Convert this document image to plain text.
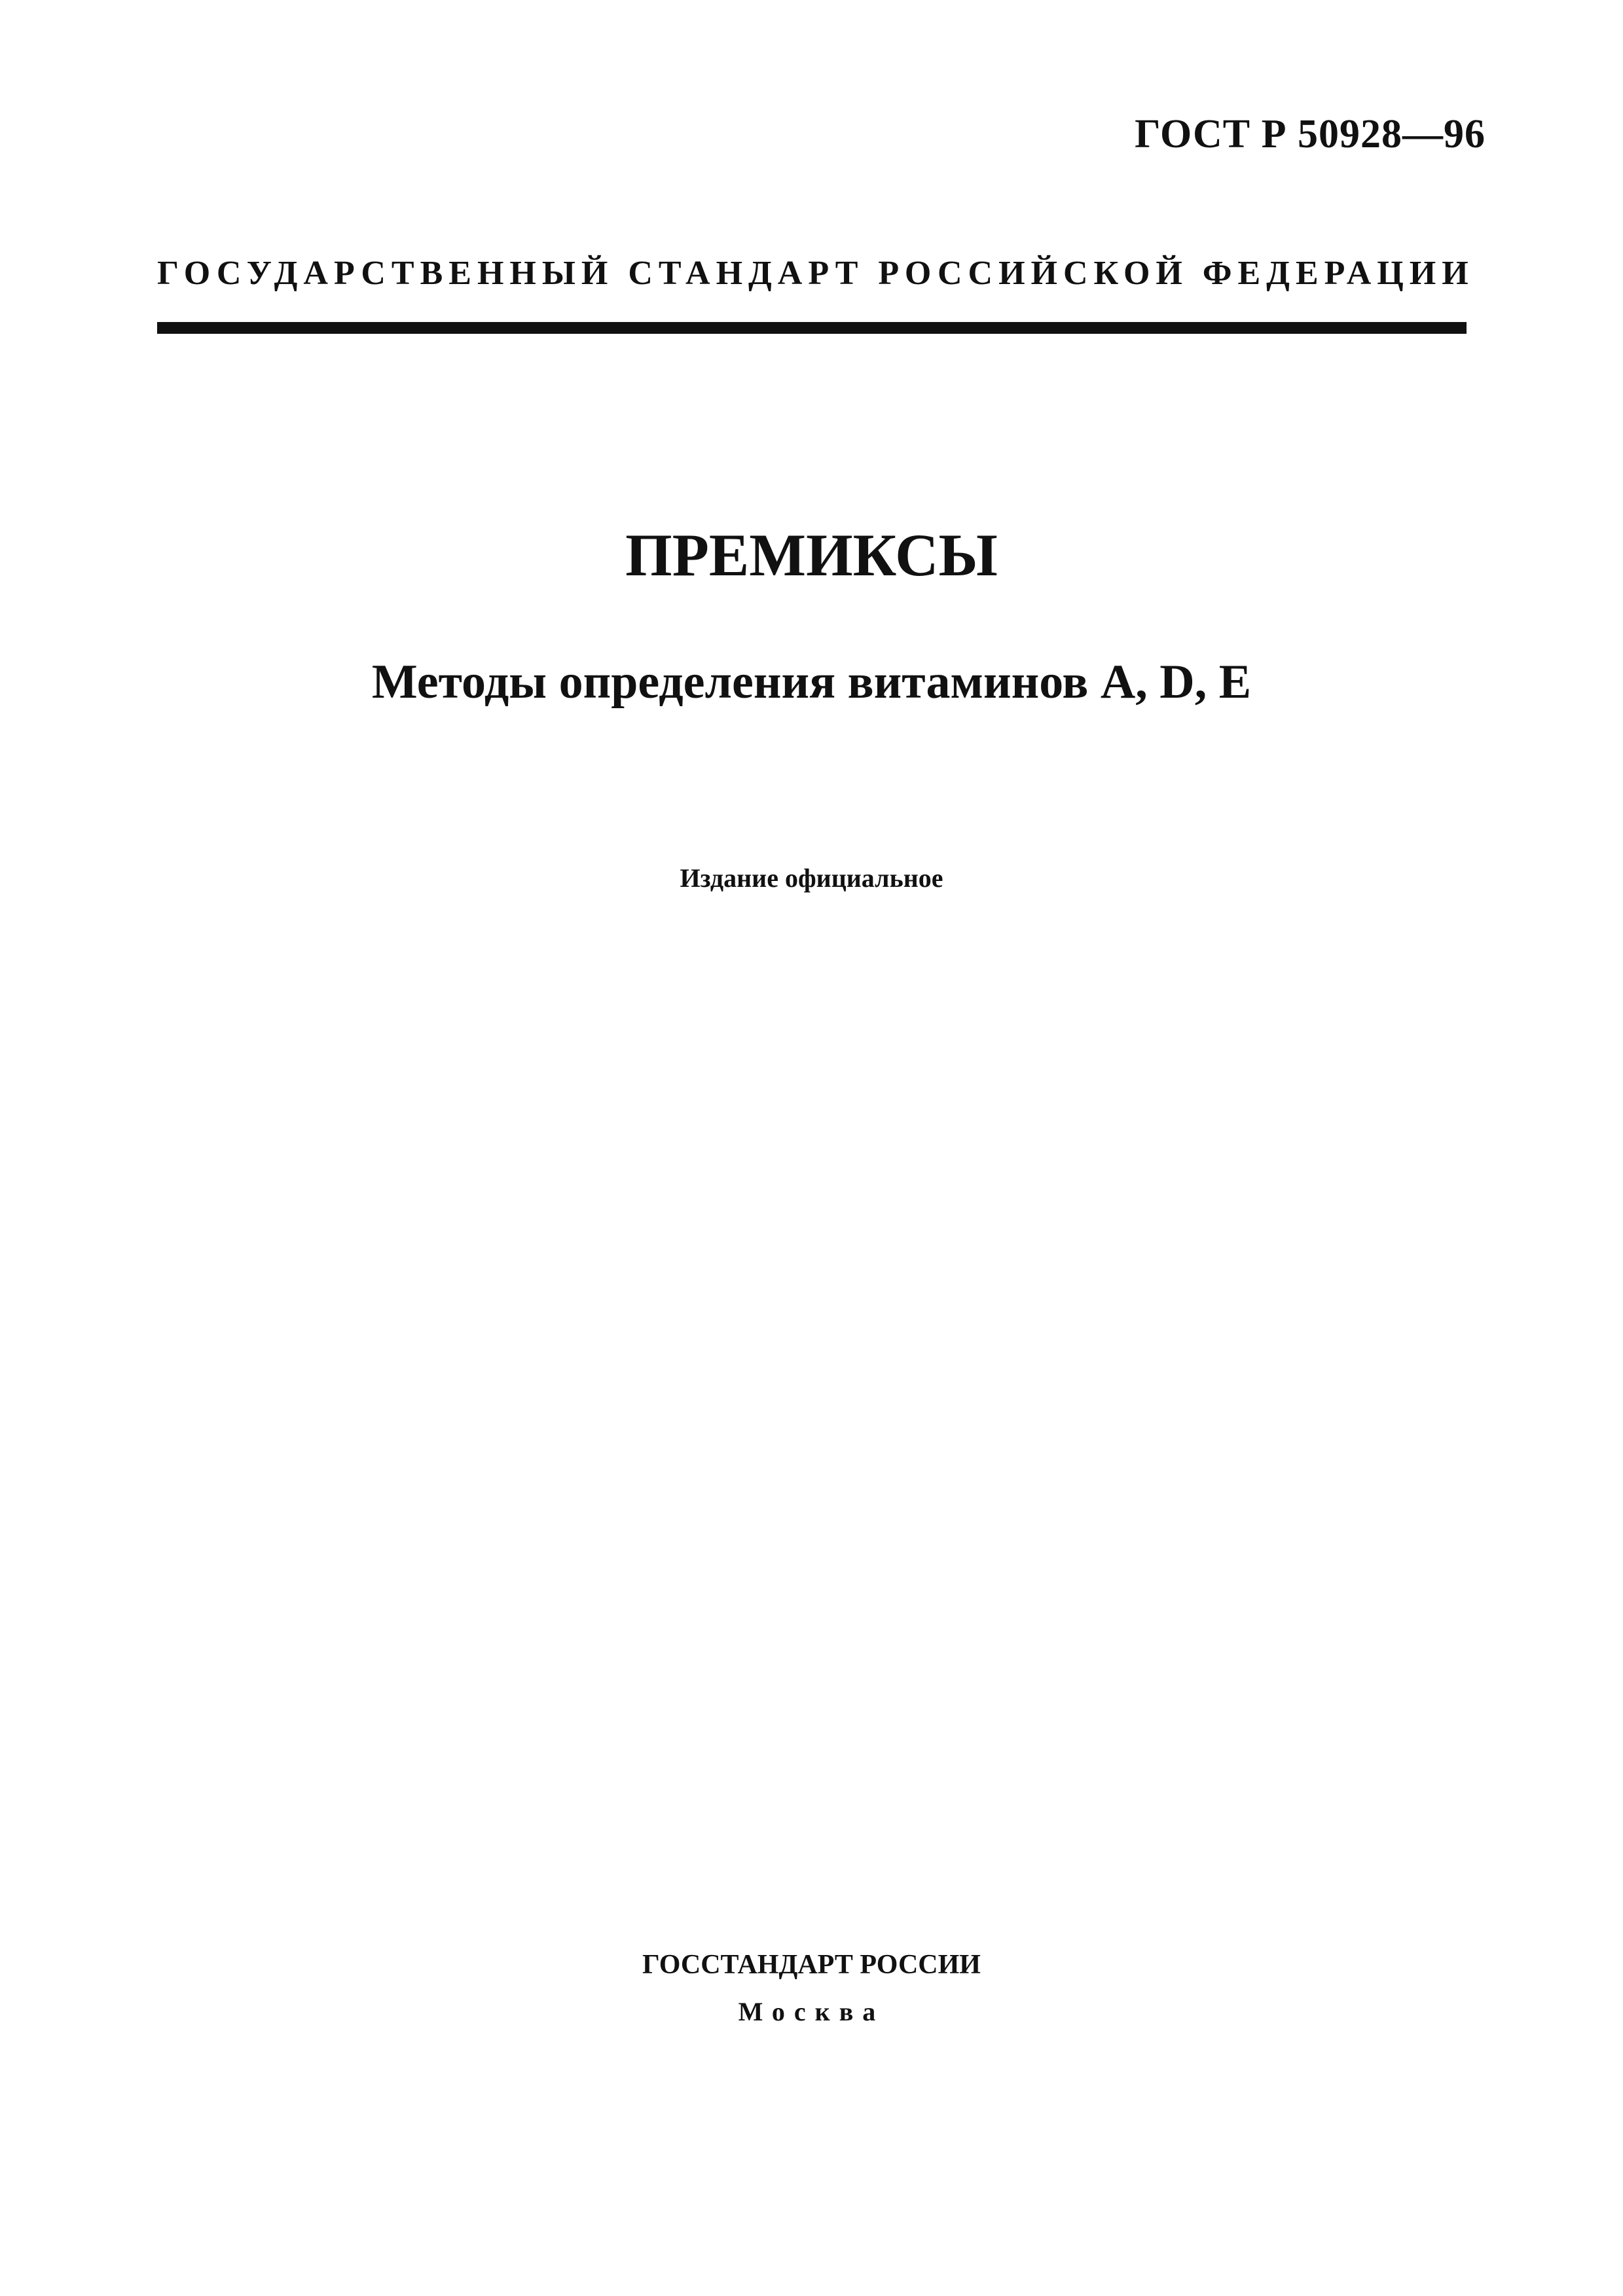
ГОСТ Р 50928—96
ГОСУДАРСТВЕННЫЙ СТАНДАРТ РОССИЙСКОЙ ФЕДЕРАЦИИ
ПРЕМИКСЫ
Методы определения витаминов A, D, E
Издание официальное
ГОССТАНДАРТ РОССИИ
Москва
